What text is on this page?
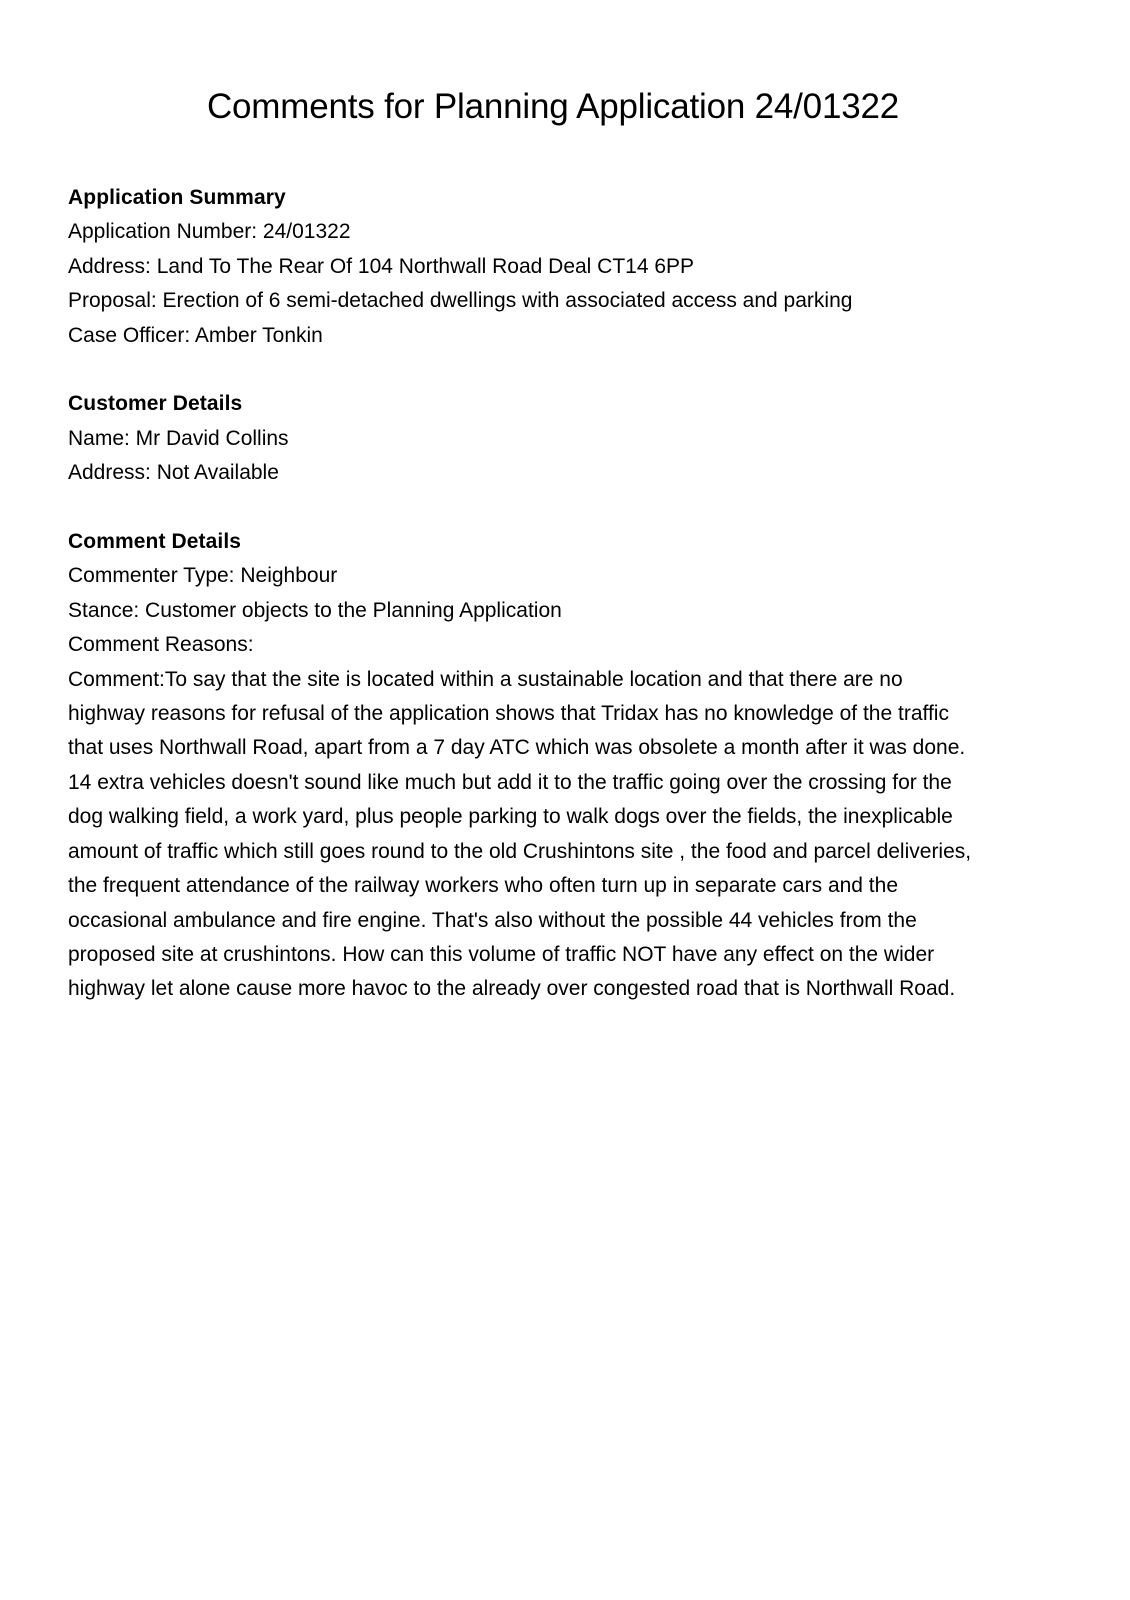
Comments for Planning Application 24/01322

Application Summary

Application Number: 24/01322

Address: Land To The Rear Of 104 Northwall Road Deal CT14 6PP

Proposal: Erection of 6 semi-detached dwellings with associated access and parking

Case Officer: Amber Tonkin

Customer Details

Name: Mr David Collins

Address: Not Available

Comment Details

Commenter Type: Neighbour

Stance: Customer objects to the Planning Application

Comment Reasons:

Comment:To say that the site is located within a sustainable location and that there are no
highway reasons for refusal of the application shows that Tridax has no knowledge of the traffic
that uses Northwall Road, apart from a 7 day ATC which was obsolete a month after it was done.
14 extra vehicles doesn't sound like much but add it to the traffic going over the crossing for the
dog walking field, a work yard, plus people parking to walk dogs over the fields, the inexplicable
amount of traffic which still goes round to the old Crushintons site , the food and parcel deliveries,
the frequent attendance of the railway workers who often turn up in separate cars and the
occasional ambulance and fire engine. That's also without the possible 44 vehicles from the
proposed site at crushintons. How can this volume of traffic NOT have any effect on the wider
highway let alone cause more havoc to the already over congested road that is Northwall Road.
